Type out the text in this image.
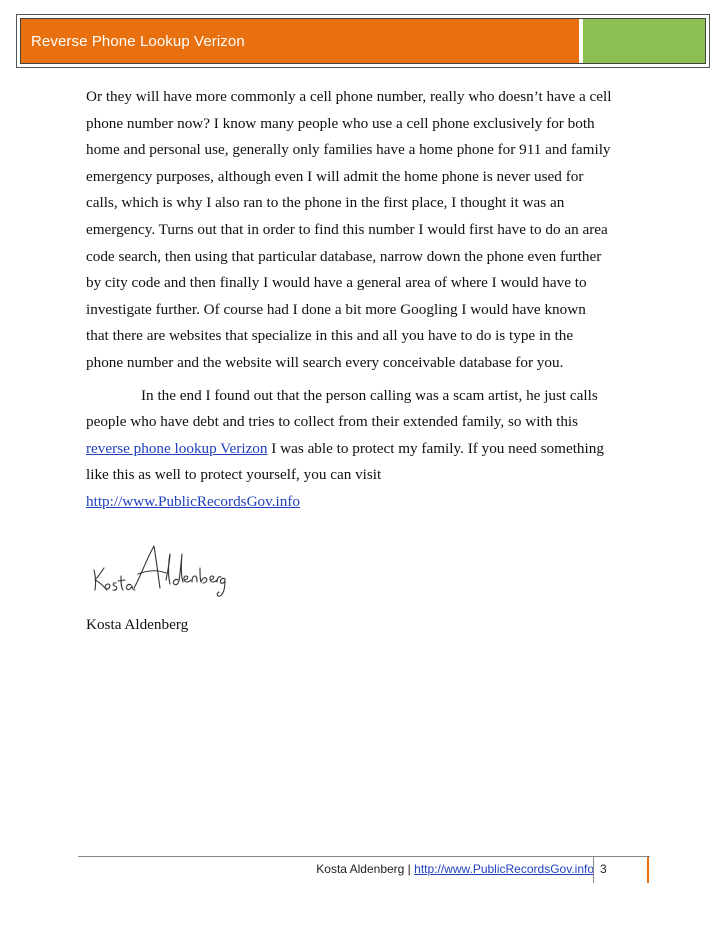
Reverse Phone Lookup Verizon

Or they will have more commonly a cell phone number, really who doesn’t have a cell
phone number now? I know many people who use a cell phone exclusively for both
home and personal use, generally only families have a home phone for 911 and family
emergency purposes, although even I will admit the home phone is never used for
calls, which is why I also ran to the phone in the first place, I thought it was an
emergency. Turns out that in order to find this number I would first have to do an area
code search, then using that particular database, narrow down the phone even further
by city code and then finally I would have a general area of where I would have to
investigate further. Of course had I done a bit more Googling I would have known
that there are websites that specialize in this and all you have to do is type in the
phone number and the website will search every conceivable database for you.

In the end I found out that the person calling was a scam artist, he just calls
people who have debt and tries to collect from their extended family, so with this
reverse phone lookup Verizon I was able to protect my family. If you need something
like this as well to protect yourself, you can visit
http://www.PublicRecordsGov.info

Kosta Aldenberg
Kosta Aldenberg | http://www.PublicRecordsGov.info 3
